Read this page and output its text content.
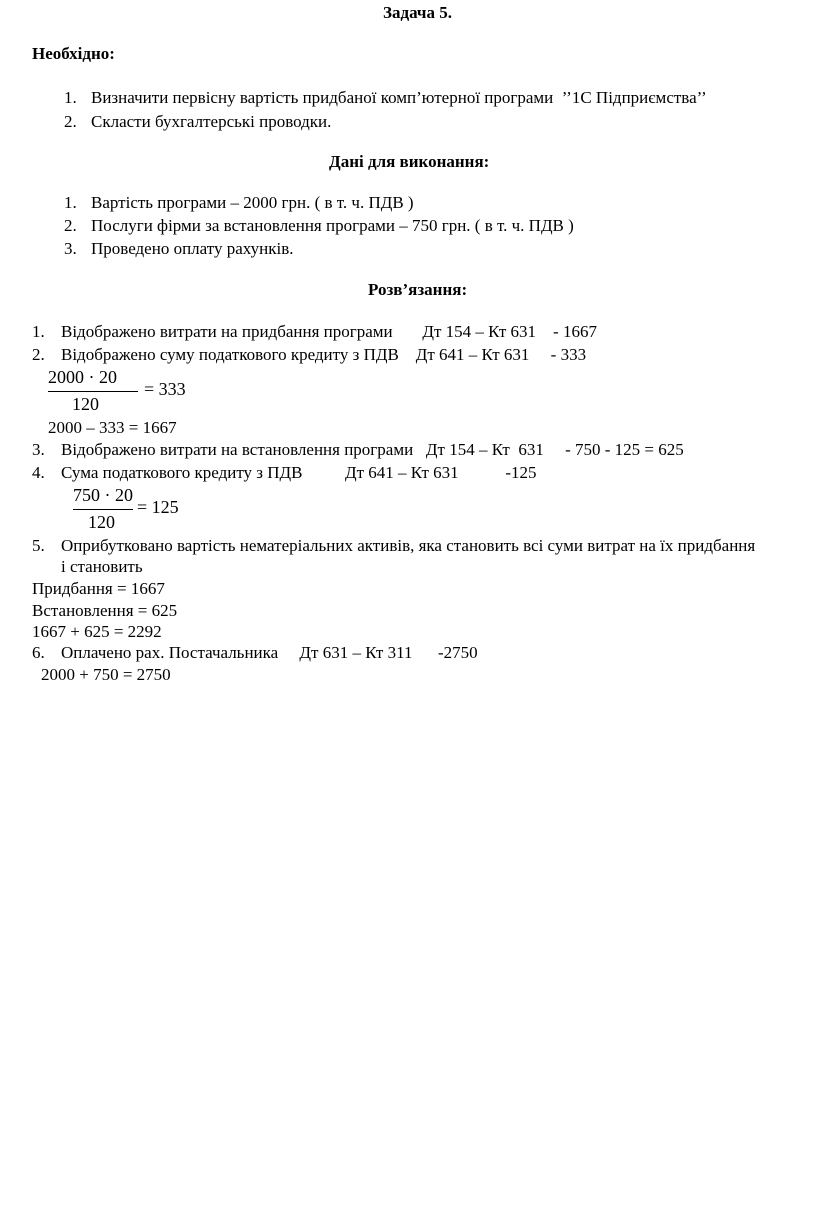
Задача 5.
Необхідно:
1. Визначити первісну вартість придбаної комп’ютерної програми  ’’1С Підприємства’’
2. Скласти бухгалтерські проводки.
Дані для виконання:
1. Вартість програми – 2000 грн. ( в т. ч. ПДВ )
2. Послуги фірми за встановлення програми – 750 грн. ( в т. ч. ПДВ )
3. Проведено оплату рахунків.
Розв’язання:
1. Відображено витрати на придбання програми       Дт 154 – Кт 631    - 1667
2. Відображено суму податкового кредиту з ПДВ    Дт 641 – Кт 631     - 333
2000 · 20
120
= 333
2000 – 333 = 1667
3. Відображено витрати на встановлення програми   Дт 154 – Кт  631     - 750 - 125 = 625
4. Сума податкового кредиту з ПДВ          Дт 641 – Кт 631           -125
750 · 20
120
= 125
5. Оприбутковано вартість нематеріальних активів, яка становить всі суми витрат на їх придбання
і становить
Придбання = 1667
Встановлення = 625
1667 + 625 = 2292
6. Оплачено рах. Постачальника     Дт 631 – Кт 311      -2750
2000 + 750 = 2750
